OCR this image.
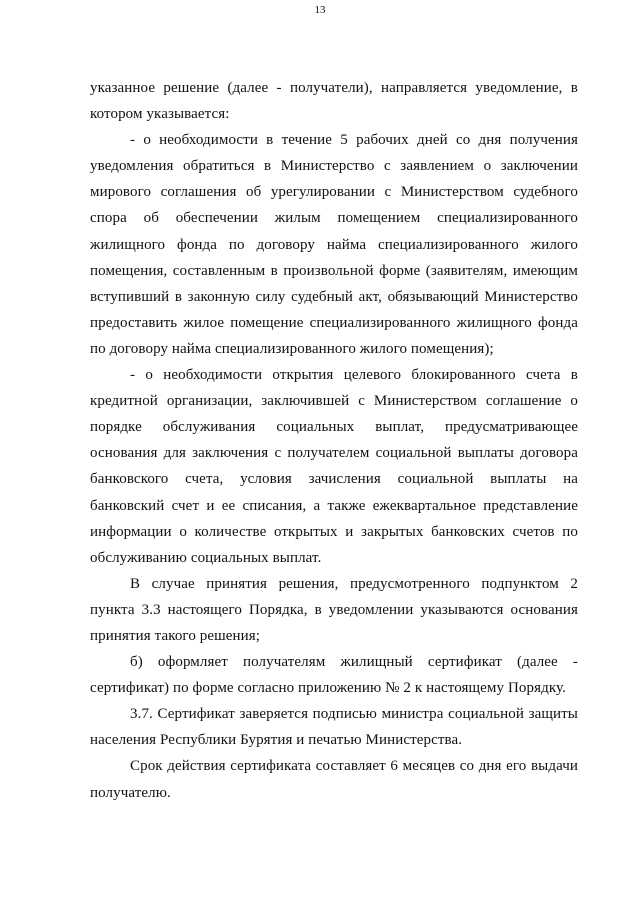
13

указанное решение (далее - получатели), направляется уведомление, в котором указывается:

- о необходимости в течение 5 рабочих дней со дня получения уведомления обратиться в Министерство с заявлением о заключении мирового соглашения об урегулировании с Министерством судебного спора об обеспечении жилым помещением специализированного жилищного фонда по договору найма специализированного жилого помещения, составленным в произвольной форме (заявителям, имеющим вступивший в законную силу судебный акт, обязывающий Министерство предоставить жилое помещение специализированного жилищного фонда по договору найма специализированного жилого помещения);

- о необходимости открытия целевого блокированного счета в кредитной организации, заключившей с Министерством соглашение о порядке обслуживания социальных выплат, предусматривающее основания для заключения с получателем социальной выплаты договора банковского счета, условия зачисления социальной выплаты на банковский счет и ее списания, а также ежеквартальное представление информации о количестве открытых и закрытых банковских счетов по обслуживанию социальных выплат.

В случае принятия решения, предусмотренного подпунктом 2 пункта 3.3 настоящего Порядка, в уведомлении указываются основания принятия такого решения;

б) оформляет получателям жилищный сертификат (далее - сертификат) по форме согласно приложению № 2 к настоящему Порядку.

3.7. Сертификат заверяется подписью министра социальной защиты населения Республики Бурятия и печатью Министерства.

Срок действия сертификата составляет 6 месяцев со дня его выдачи получателю.
